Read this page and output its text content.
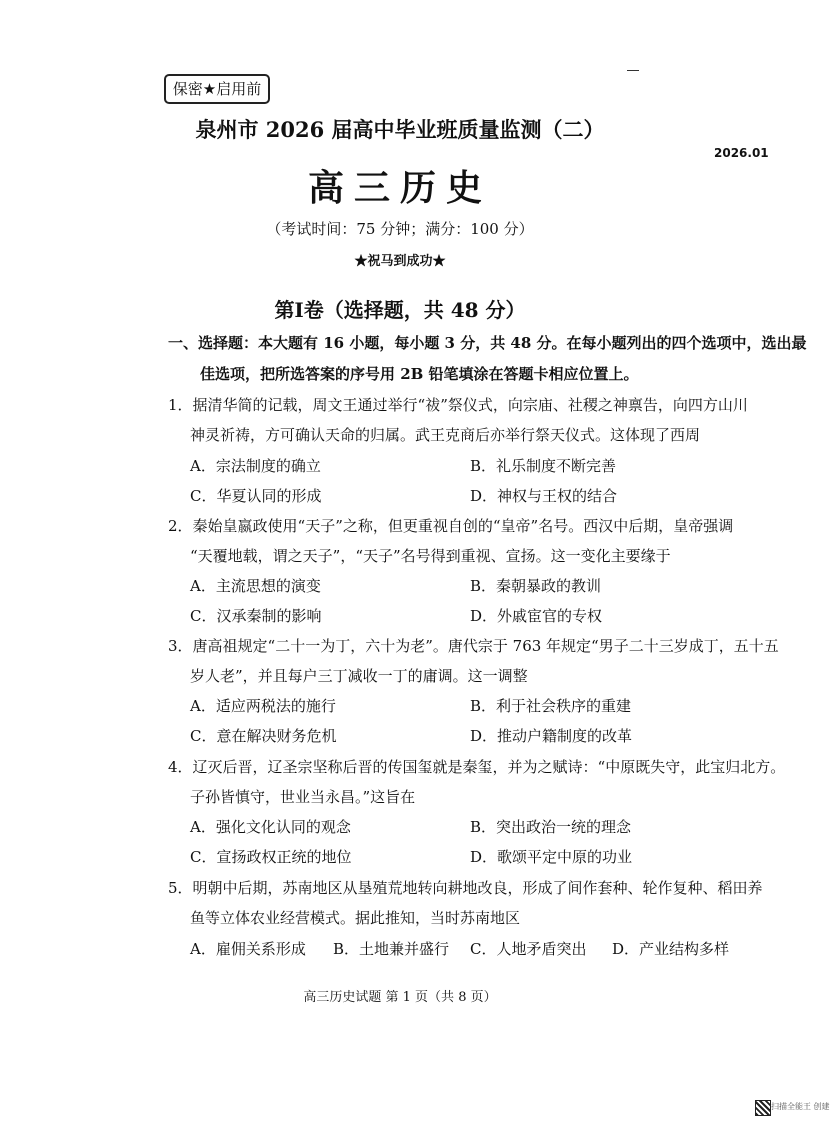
保密★启用前
泉州市 2026 届高中毕业班质量监测（二）
2026.01
高三历史
（考试时间：75 分钟；满分：100 分）
★祝马到成功★
第Ⅰ卷（选择题，共 48 分）
一、选择题：本大题有 16 小题，每小题 3 分，共 48 分。在每小题列出的四个选项中，选出最
佳选项，把所选答案的序号用 2B 铅笔填涂在答题卡相应位置上。
1．据清华简的记载，周文王通过举行“祓”祭仪式，向宗庙、社稷之神禀告，向四方山川
神灵祈祷，方可确认天命的归属。武王克商后亦举行祭天仪式。这体现了西周
A．宗法制度的确立	B．礼乐制度不断完善
C．华夏认同的形成	D．神权与王权的结合
2．秦始皇嬴政使用“天子”之称，但更重视自创的“皇帝”名号。西汉中后期，皇帝强调
“天覆地载，谓之天子”，“天子”名号得到重视、宣扬。这一变化主要缘于
A．主流思想的演变	B．秦朝暴政的教训
C．汉承秦制的影响	D．外戚宦官的专权
3．唐高祖规定“二十一为丁，六十为老”。唐代宗于 763 年规定“男子二十三岁成丁，五十五
岁人老”，并且每户三丁减收一丁的庸调。这一调整
A．适应两税法的施行	B．利于社会秩序的重建
C．意在解决财务危机	D．推动户籍制度的改革
4．辽灭后晋，辽圣宗坚称后晋的传国玺就是秦玺，并为之赋诗：“中原既失守，此宝归北方。
子孙皆慎守，世业当永昌。”这旨在
A．强化文化认同的观念	B．突出政治一统的理念
C．宣扬政权正统的地位	D．歌颂平定中原的功业
5．明朝中后期，苏南地区从垦殖荒地转向耕地改良，形成了间作套种、轮作复种、稻田养
鱼等立体农业经营模式。据此推知，当时苏南地区
A．雇佣关系形成 B．土地兼并盛行 C．人地矛盾突出 D．产业结构多样
高三历史试题 第 1 页（共 8 页）
扫描全能王 创建
